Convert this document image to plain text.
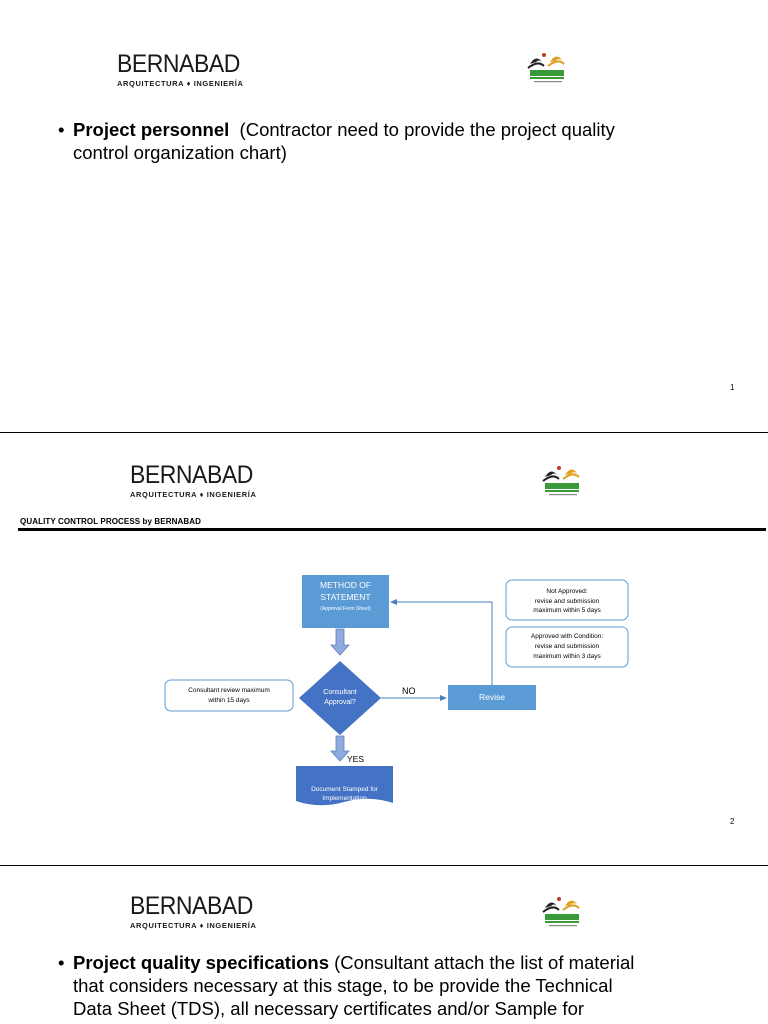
BERNABAD
ARQUITECTURA ♦ INGENIERÍA
• Project personnel (Contractor need to provide the project quality
control organization chart)
1
BERNABAD
ARQUITECTURA ♦ INGENIERÍA
QUALITY CONTROL PROCESS by BERNABAD
METHOD OF
STATEMENT
(Approval Form Sheet)
Consultant
Approval?
NO
Revise
YES
Document Stamped for
Implementation
Not Approved:
revise and submission
maximum within 5 days
Approved with Condition:
revise and submission
maximum within 3 days
Consultant review maximum
within 15 days
2
BERNABAD
ARQUITECTURA ♦ INGENIERÍA
• Project quality specifications (Consultant attach the list of material
that considers necessary at this stage, to be provide the Technical
Data Sheet (TDS), all necessary certificates and/or Sample for
